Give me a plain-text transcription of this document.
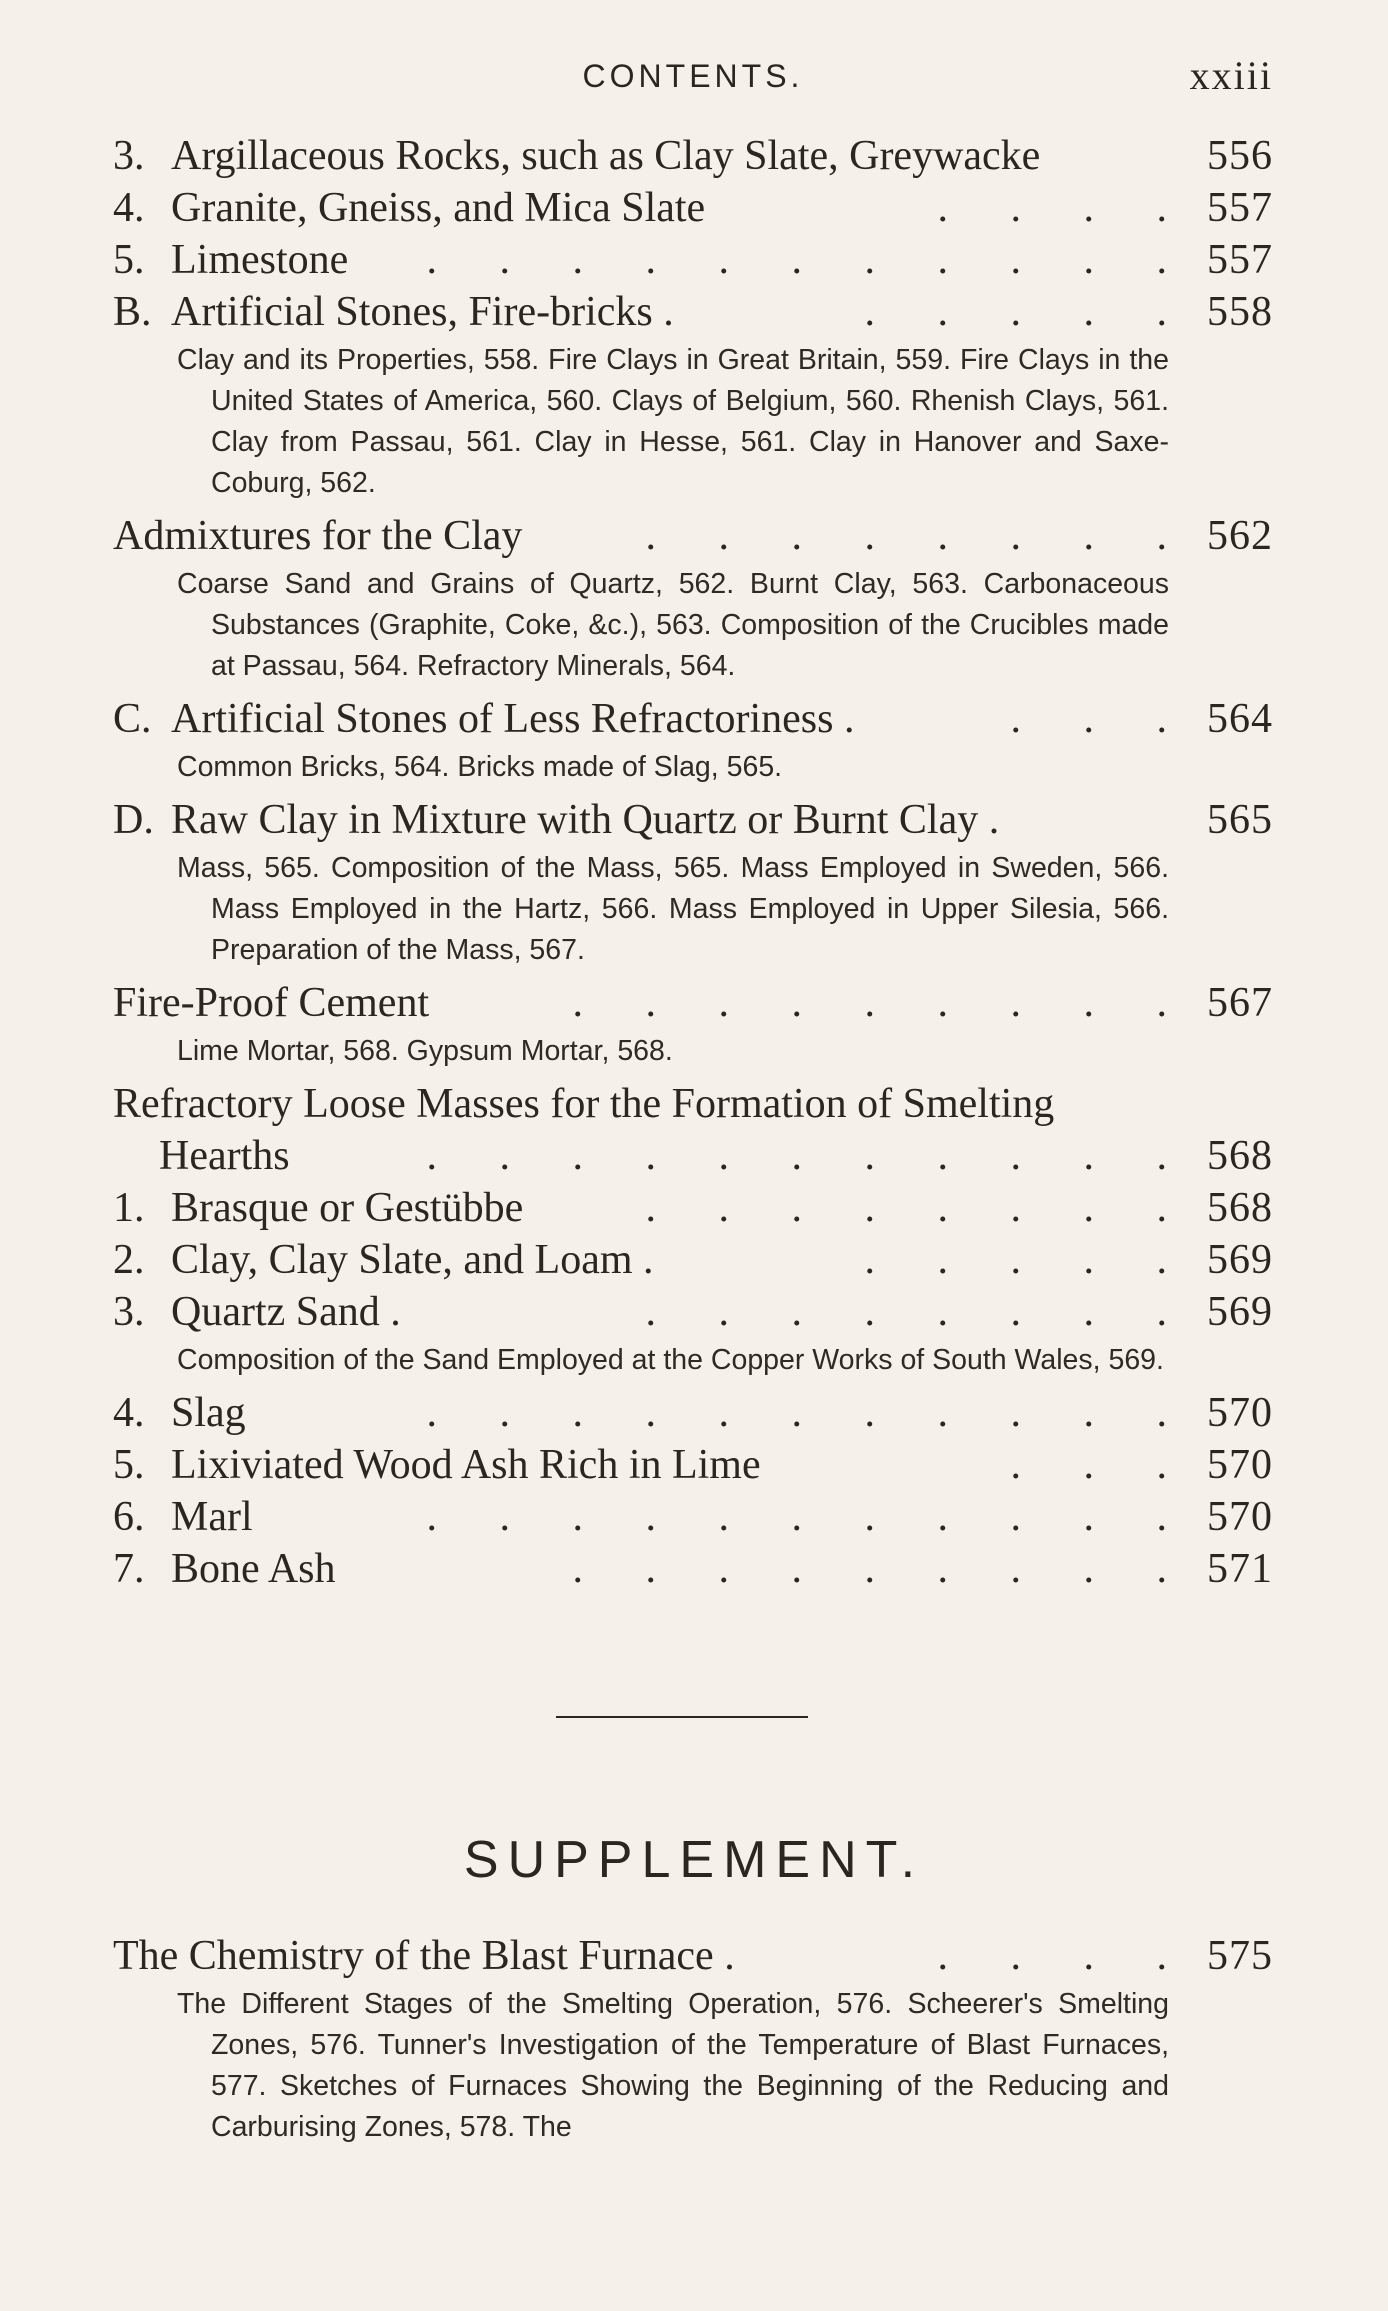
CONTENTS.	xxiii
3. Argillaceous Rocks, such as Clay Slate, Greywacke	556
4. Granite, Gneiss, and Mica Slate	. . . . 557
5. Limestone	. . . . . . . . . . . 557
B. Artificial Stones, Fire-bricks .	. . . . . 558
Clay and its Properties, 558. Fire Clays in Great Britain, 559. Fire Clays in the United States of America, 560. Clays of Belgium, 560. Rhenish Clays, 561. Clay from Passau, 561. Clay in Hesse, 561. Clay in Hanover and Saxe-Coburg, 562.
Admixtures for the Clay	. . . . . . . . 562
Coarse Sand and Grains of Quartz, 562. Burnt Clay, 563. Carbonaceous Substances (Graphite, Coke, &c.), 563. Composition of the Crucibles made at Passau, 564. Refractory Minerals, 564.
C. Artificial Stones of Less Refractoriness .	. . . 564
Common Bricks, 564. Bricks made of Slag, 565.
D. Raw Clay in Mixture with Quartz or Burnt Clay .	565
Mass, 565. Composition of the Mass, 565. Mass Employed in Sweden, 566. Mass Employed in the Hartz, 566. Mass Employed in Upper Silesia, 566. Preparation of the Mass, 567.
Fire-Proof Cement	. . . . . . . . . 567
Lime Mortar, 568. Gypsum Mortar, 568.
Refractory Loose Masses for the Formation of Smelting
Hearths	. . . . . . . . . . . 568
1. Brasque or Gestübbe	. . . . . . . . 568
2. Clay, Clay Slate, and Loam .	. . . . . 569
3. Quartz Sand .	. . . . . . . . 569
Composition of the Sand Employed at the Copper Works of South Wales, 569.
4. Slag	. . . . . . . . . . . 570
5. Lixiviated Wood Ash Rich in Lime	. . . 570
6. Marl	. . . . . . . . . . . 570
7. Bone Ash	. . . . . . . . . 571
SUPPLEMENT.
The Chemistry of the Blast Furnace .	. . . . 575
The Different Stages of the Smelting Operation, 576. Scheerer's Smelting Zones, 576. Tunner's Investigation of the Temperature of Blast Furnaces, 577. Sketches of Furnaces Showing the Beginning of the Reducing and Carburising Zones, 578. The
